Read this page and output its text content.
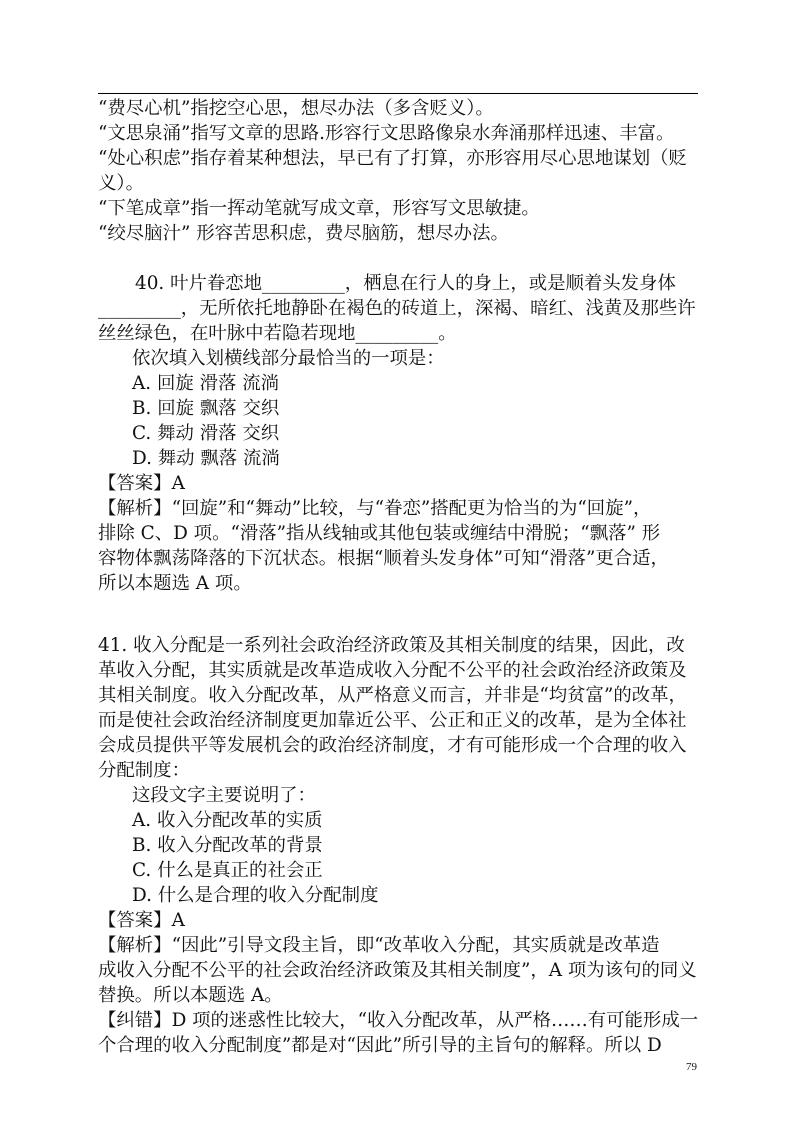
“费尽心机”指挖空心思，想尽办法（多含贬义）。
“文思泉涌”指写文章的思路.形容行文思路像泉水奔涌那样迅速、丰富。
“处心积虑”指存着某种想法，早已有了打算，亦形容用尽心思地谋划（贬
义）。
“下笔成章”指一挥动笔就写成文章，形容写文思敏捷。
“绞尽脑汁” 形容苦思积虑，费尽脑筋，想尽办法。
40. 叶片眷恋地_________，栖息在行人的身上，或是顺着头发身体
_________，无所依托地静卧在褐色的砖道上，深褐、暗红、浅黄及那些许
丝丝绿色，在叶脉中若隐若现地_________。
依次填入划横线部分最恰当的一项是：
A. 回旋 滑落 流淌
B. 回旋 飘落 交织
C. 舞动 滑落 交织
D. 舞动 飘落 流淌
【答案】A
【解析】“回旋”和“舞动”比较，与“眷恋”搭配更为恰当的为“回旋”，
排除 C、D 项。“滑落”指从线轴或其他包装或缠结中滑脱；“飘落” 形
容物体飘荡降落的下沉状态。根据“顺着头发身体”可知“滑落”更合适，
所以本题选 A 项。
41. 收入分配是一系列社会政治经济政策及其相关制度的结果，因此，改
革收入分配，其实质就是改革造成收入分配不公平的社会政治经济政策及
其相关制度。收入分配改革，从严格意义而言，并非是“均贫富”的改革，
而是使社会政治经济制度更加靠近公平、公正和正义的改革，是为全体社
会成员提供平等发展机会的政治经济制度，才有可能形成一个合理的收入
分配制度：
这段文字主要说明了：
A. 收入分配改革的实质
B. 收入分配改革的背景
C. 什么是真正的社会正
D. 什么是合理的收入分配制度
【答案】A
【解析】“因此”引导文段主旨，即“改革收入分配，其实质就是改革造
成收入分配不公平的社会政治经济政策及其相关制度”，A 项为该句的同义
替换。所以本题选 A。
【纠错】D 项的迷惑性比较大，“收入分配改革，从严格……有可能形成一
个合理的收入分配制度”都是对“因此”所引导的主旨句的解释。所以 D
79
